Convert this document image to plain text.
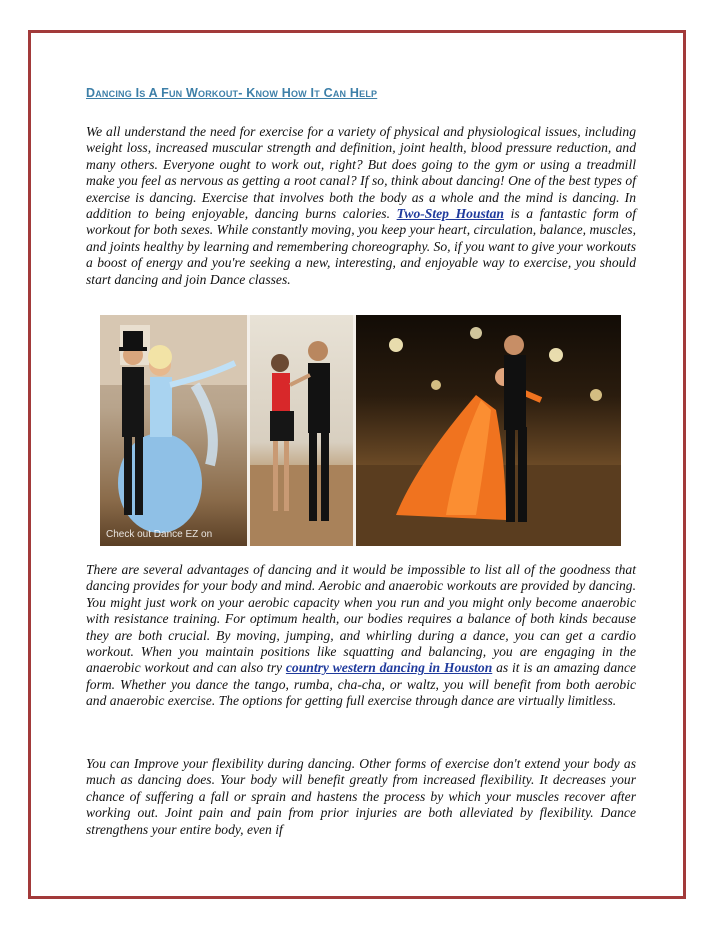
Dancing Is A Fun Workout- Know How It Can Help
We all understand the need for exercise for a variety of physical and physiological issues, including weight loss, increased muscular strength and definition, joint health, blood pressure reduction, and many others. Everyone ought to work out, right? But does going to the gym or using a treadmill make you feel as nervous as getting a root canal? If so, think about dancing! One of the best types of exercise is dancing. Exercise that involves both the body as a whole and the mind is dancing. In addition to being enjoyable, dancing burns calories. Two-Step Houstan is a fantastic form of workout for both sexes. While constantly moving, you keep your heart, circulation, balance, muscles, and joints healthy by learning and remembering choreography. So, if you want to give your workouts a boost of energy and you're seeking a new, interesting, and enjoyable way to exercise, you should start dancing and join Dance classes.
Check out Dance EZ on
There are several advantages of dancing and it would be impossible to list all of the goodness that dancing provides for your body and mind. Aerobic and anaerobic workouts are provided by dancing. You might just work on your aerobic capacity when you run and you might only become anaerobic with resistance training. For optimum health, our bodies requires a balance of both kinds because they are both crucial. By moving, jumping, and whirling during a dance, you can get a cardio workout. When you maintain positions like squatting and balancing, you are engaging in the anaerobic workout and can also try country western dancing in Houston as it is an amazing dance form. Whether you dance the tango, rumba, cha-cha, or waltz, you will benefit from both aerobic and anaerobic exercise. The options for getting full exercise through dance are virtually limitless.
You can Improve your flexibility during dancing. Other forms of exercise don't extend your body as much as dancing does. Your body will benefit greatly from increased flexibility. It decreases your chance of suffering a fall or sprain and hastens the process by which your muscles recover after working out. Joint pain and pain from prior injuries are both alleviated by flexibility. Dance strengthens your entire body, even if
